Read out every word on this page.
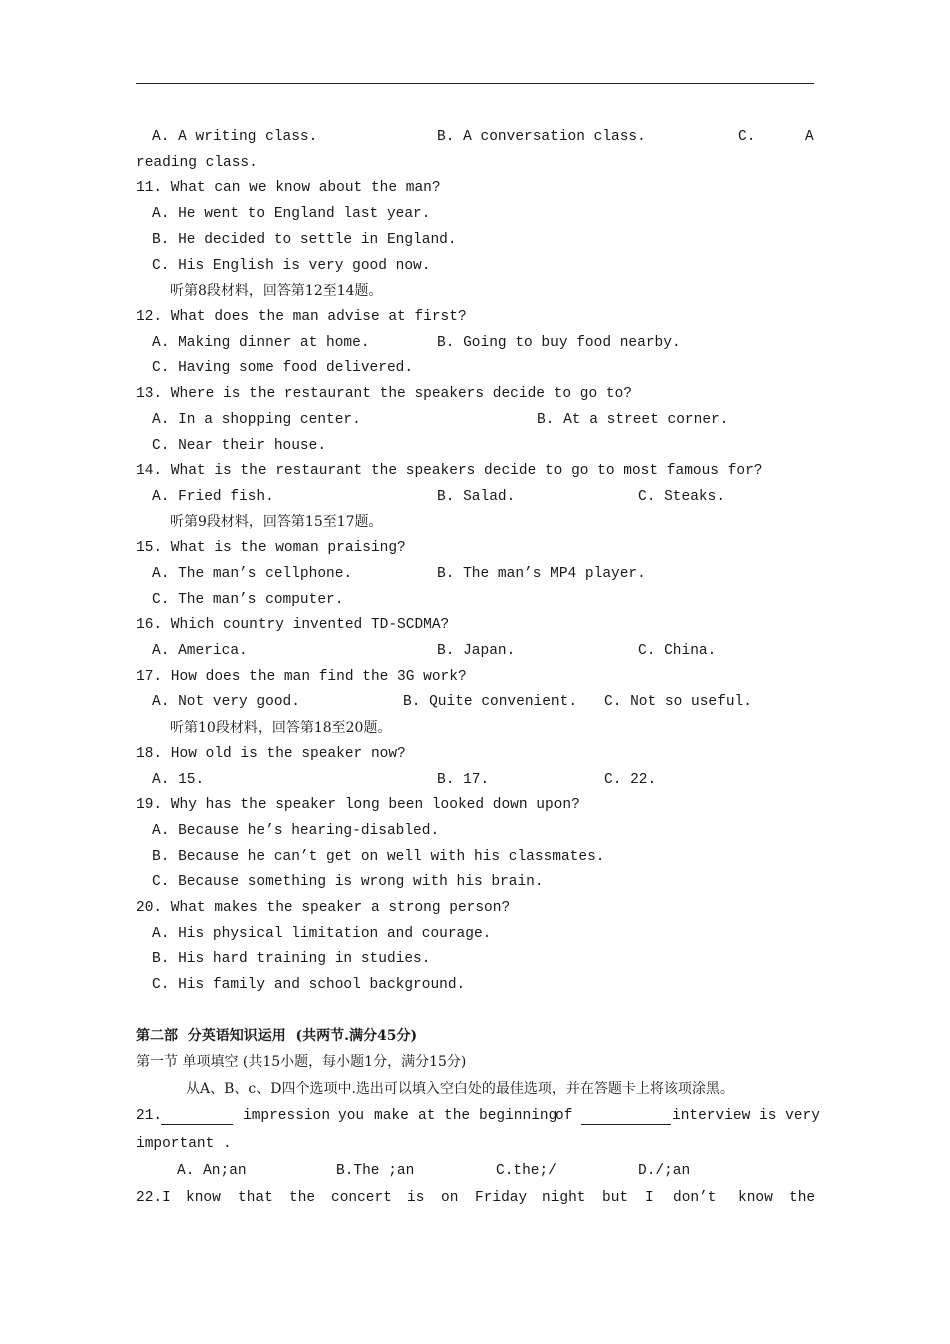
A. A writing class.	B. A conversation class.	C.	A
reading class.
11. What can we know about the man?
A. He went to England last year.
B. He decided to settle in England.
C. His English is very good now.
听第8段材料，回答第12至14题。
12. What does the man advise at first?
A. Making dinner at home.	B. Going to buy food nearby.
C. Having some food delivered.
13. Where is the restaurant the speakers decide to go to?
A. In a shopping center.	B. At a street corner.
C. Near their house.
14. What is the restaurant the speakers decide to go to most famous for?
A. Fried fish.	B. Salad.	C. Steaks.
听第9段材料，回答第15至17题。
15. What is the woman praising?
A. The man’s cellphone.	B. The man’s MP4 player.
C. The man’s computer.
16. Which country invented TD-SCDMA?
A. America.	B. Japan.	C. China.
17. How does the man find the 3G work?
A. Not very good.	B. Quite convenient. C. Not so useful.
听第10段材料，回答第18至20题。
18. How old is the speaker now?
A. 15.	B. 17.	C. 22.
19. Why has the speaker long been looked down upon?
A. Because he’s hearing-disabled.
B. Because he can’t get on well with his classmates.
C. Because something is wrong with his brain.
20. What makes the speaker a strong person?
A. His physical limitation and courage.
B. His hard training in studies.
C. His family and school background.
第二部  分英语知识运用  (共两节.满分45分)
第一节 单项填空 (共15小题，每小题1分，满分15分)
从A、B、c、D四个选项中.选出可以填入空白处的最佳选项，并在答题卡上将该项涂黑。
21.	impression you make at the beginning
of	interview is very
important .
A. An;an	B.The ;an	C.the;/	D./;an
22.I know that the concert is on Friday night but I don’t know the
